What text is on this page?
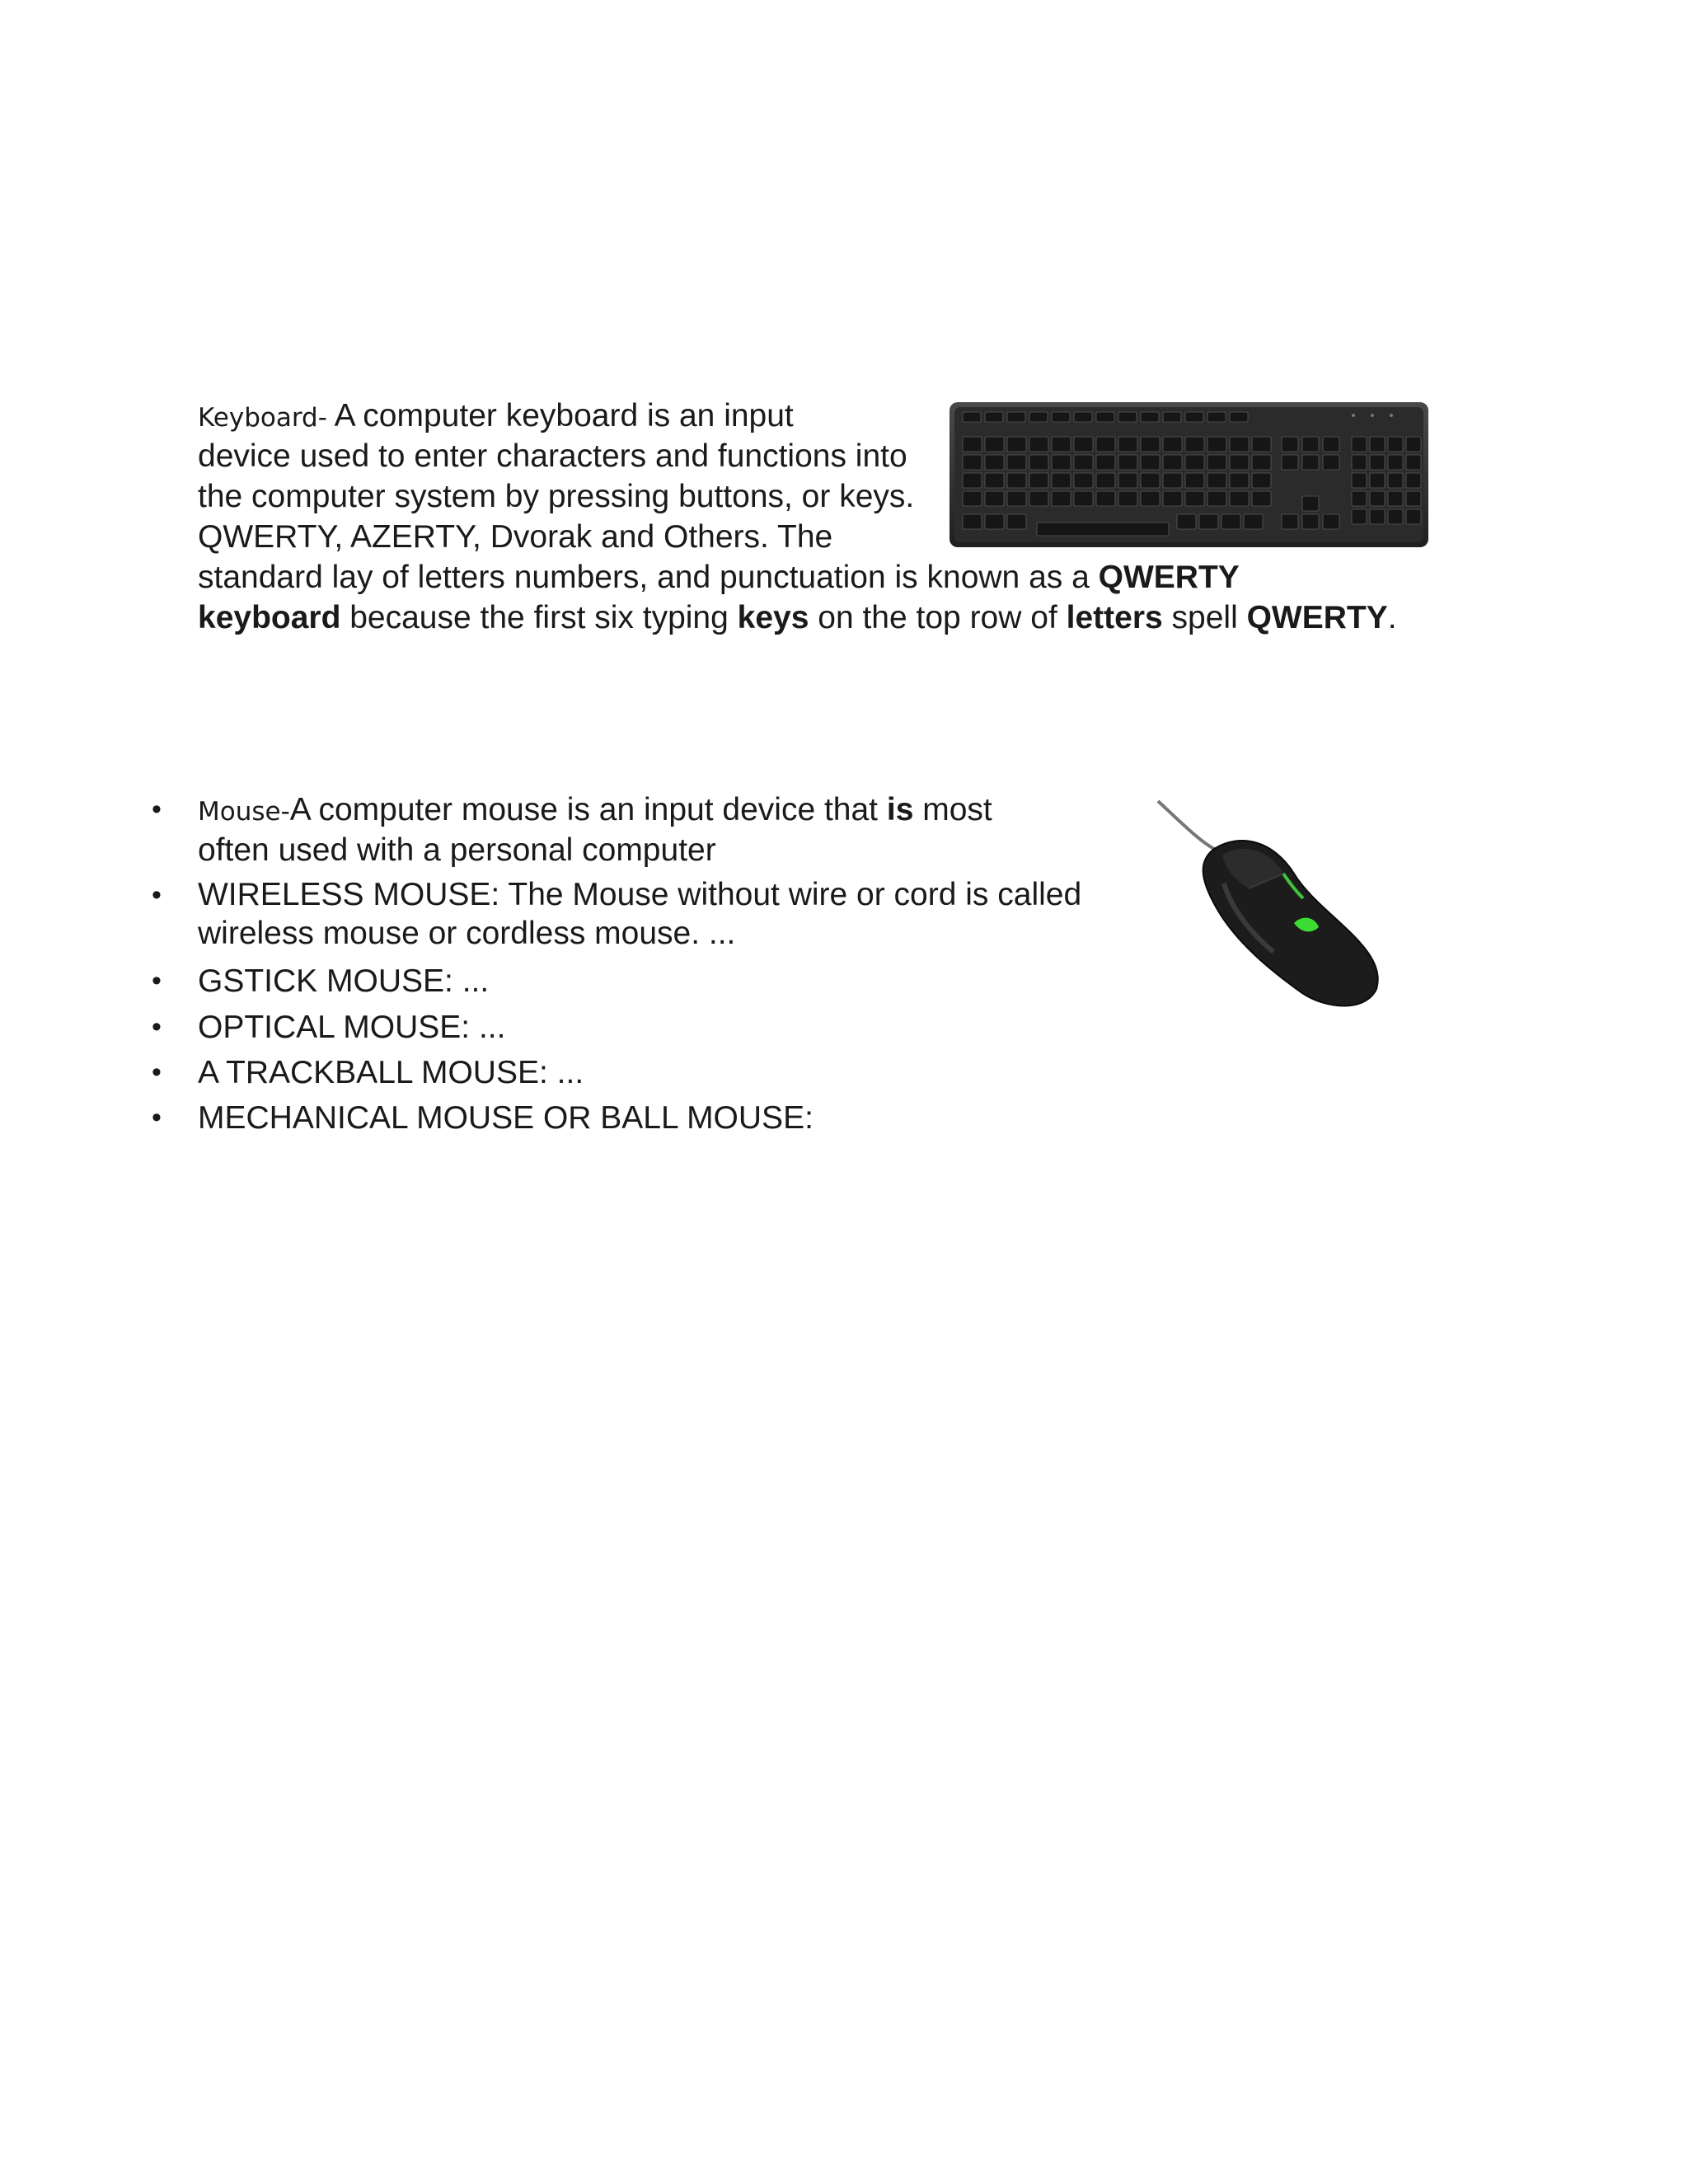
Keyboard- A computer keyboard is an input
device used to enter characters and functions into
the computer system by pressing buttons, or keys.
QWERTY, AZERTY, Dvorak and Others. The
standard lay of letters numbers, and punctuation is known as a QWERTY
keyboard because the first six typing keys on the top row of letters spell QWERTY.
•	Mouse-A computer mouse is an input device that is most
often used with a personal computer
•	WIRELESS MOUSE: The Mouse without wire or cord is called
wireless mouse or cordless mouse. ...
•	GSTICK MOUSE: ...
•	OPTICAL MOUSE: ...
•	A TRACKBALL MOUSE: ...
•	MECHANICAL MOUSE OR BALL MOUSE:
